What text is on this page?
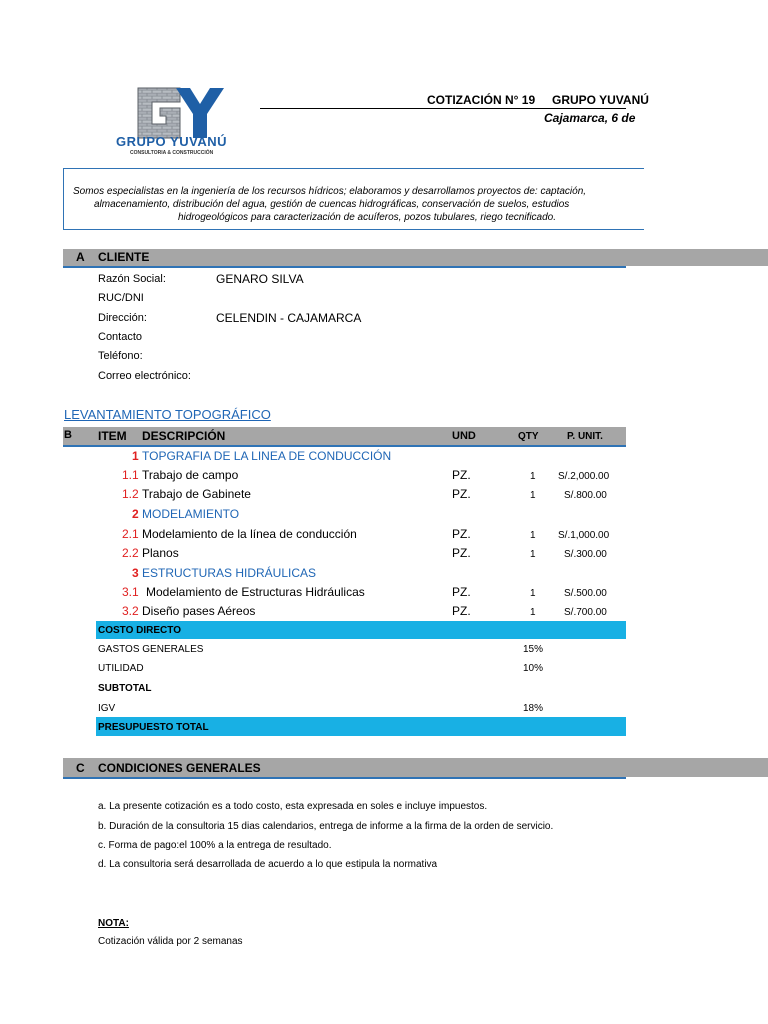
GRUPO YUVANÚ
CONSULTORIA & CONSTRUCCIÓN
COTIZACIÓN N° 19 GRUPO YUVANÚ
Cajamarca, 6 de
Somos especialistas en la ingeniería de los recursos hídricos; elaboramos y desarrollamos proyectos de: captación,
almacenamiento, distribución del agua, gestión de cuencas hidrográficas, conservación de suelos, estudios
hidrogeológicos para caracterización de acuíferos, pozos tubulares, riego tecnificado.
A CLIENTE
Razón Social:	GENARO SILVA
RUC/DNI
Dirección:	CELENDIN - CAJAMARCA
Contacto
Teléfono:
Correo electrónico:
LEVANTAMIENTO TOPOGRÁFICO
B ITEM DESCRIPCIÓN	UND	QTY	P. UNIT.
1 TOPGRAFIA DE LA LINEA DE CONDUCCIÓN
1.1 Trabajo de campo	PZ.	1 S/.2,000.00
1.2 Trabajo de Gabinete	PZ.	1	S/.800.00
2 MODELAMIENTO
2.1 Modelamiento de la línea de conducción	PZ.	1 S/.1,000.00
2.2 Planos	PZ.	1	S/.300.00
3 ESTRUCTURAS HIDRÁULICAS
3.1 Modelamiento de Estructuras Hidráulicas	PZ.	1	S/.500.00
3.2 Diseño pases Aéreos	PZ.	1	S/.700.00
COSTO DIRECTO
GASTOS GENERALES	15%
UTILIDAD	10%
SUBTOTAL
IGV	18%
PRESUPUESTO TOTAL
C CONDICIONES GENERALES
a. La presente cotización es a todo costo, esta expresada en soles e incluye impuestos.
b. Duración de la consultoria 15 dias calendarios, entrega de informe a la firma de la orden de servicio.
c. Forma de pago:el 100% a la entrega de resultado.
d. La consultoria será desarrollada de acuerdo a lo que estipula la normativa
NOTA:
Cotización válida por 2 semanas
